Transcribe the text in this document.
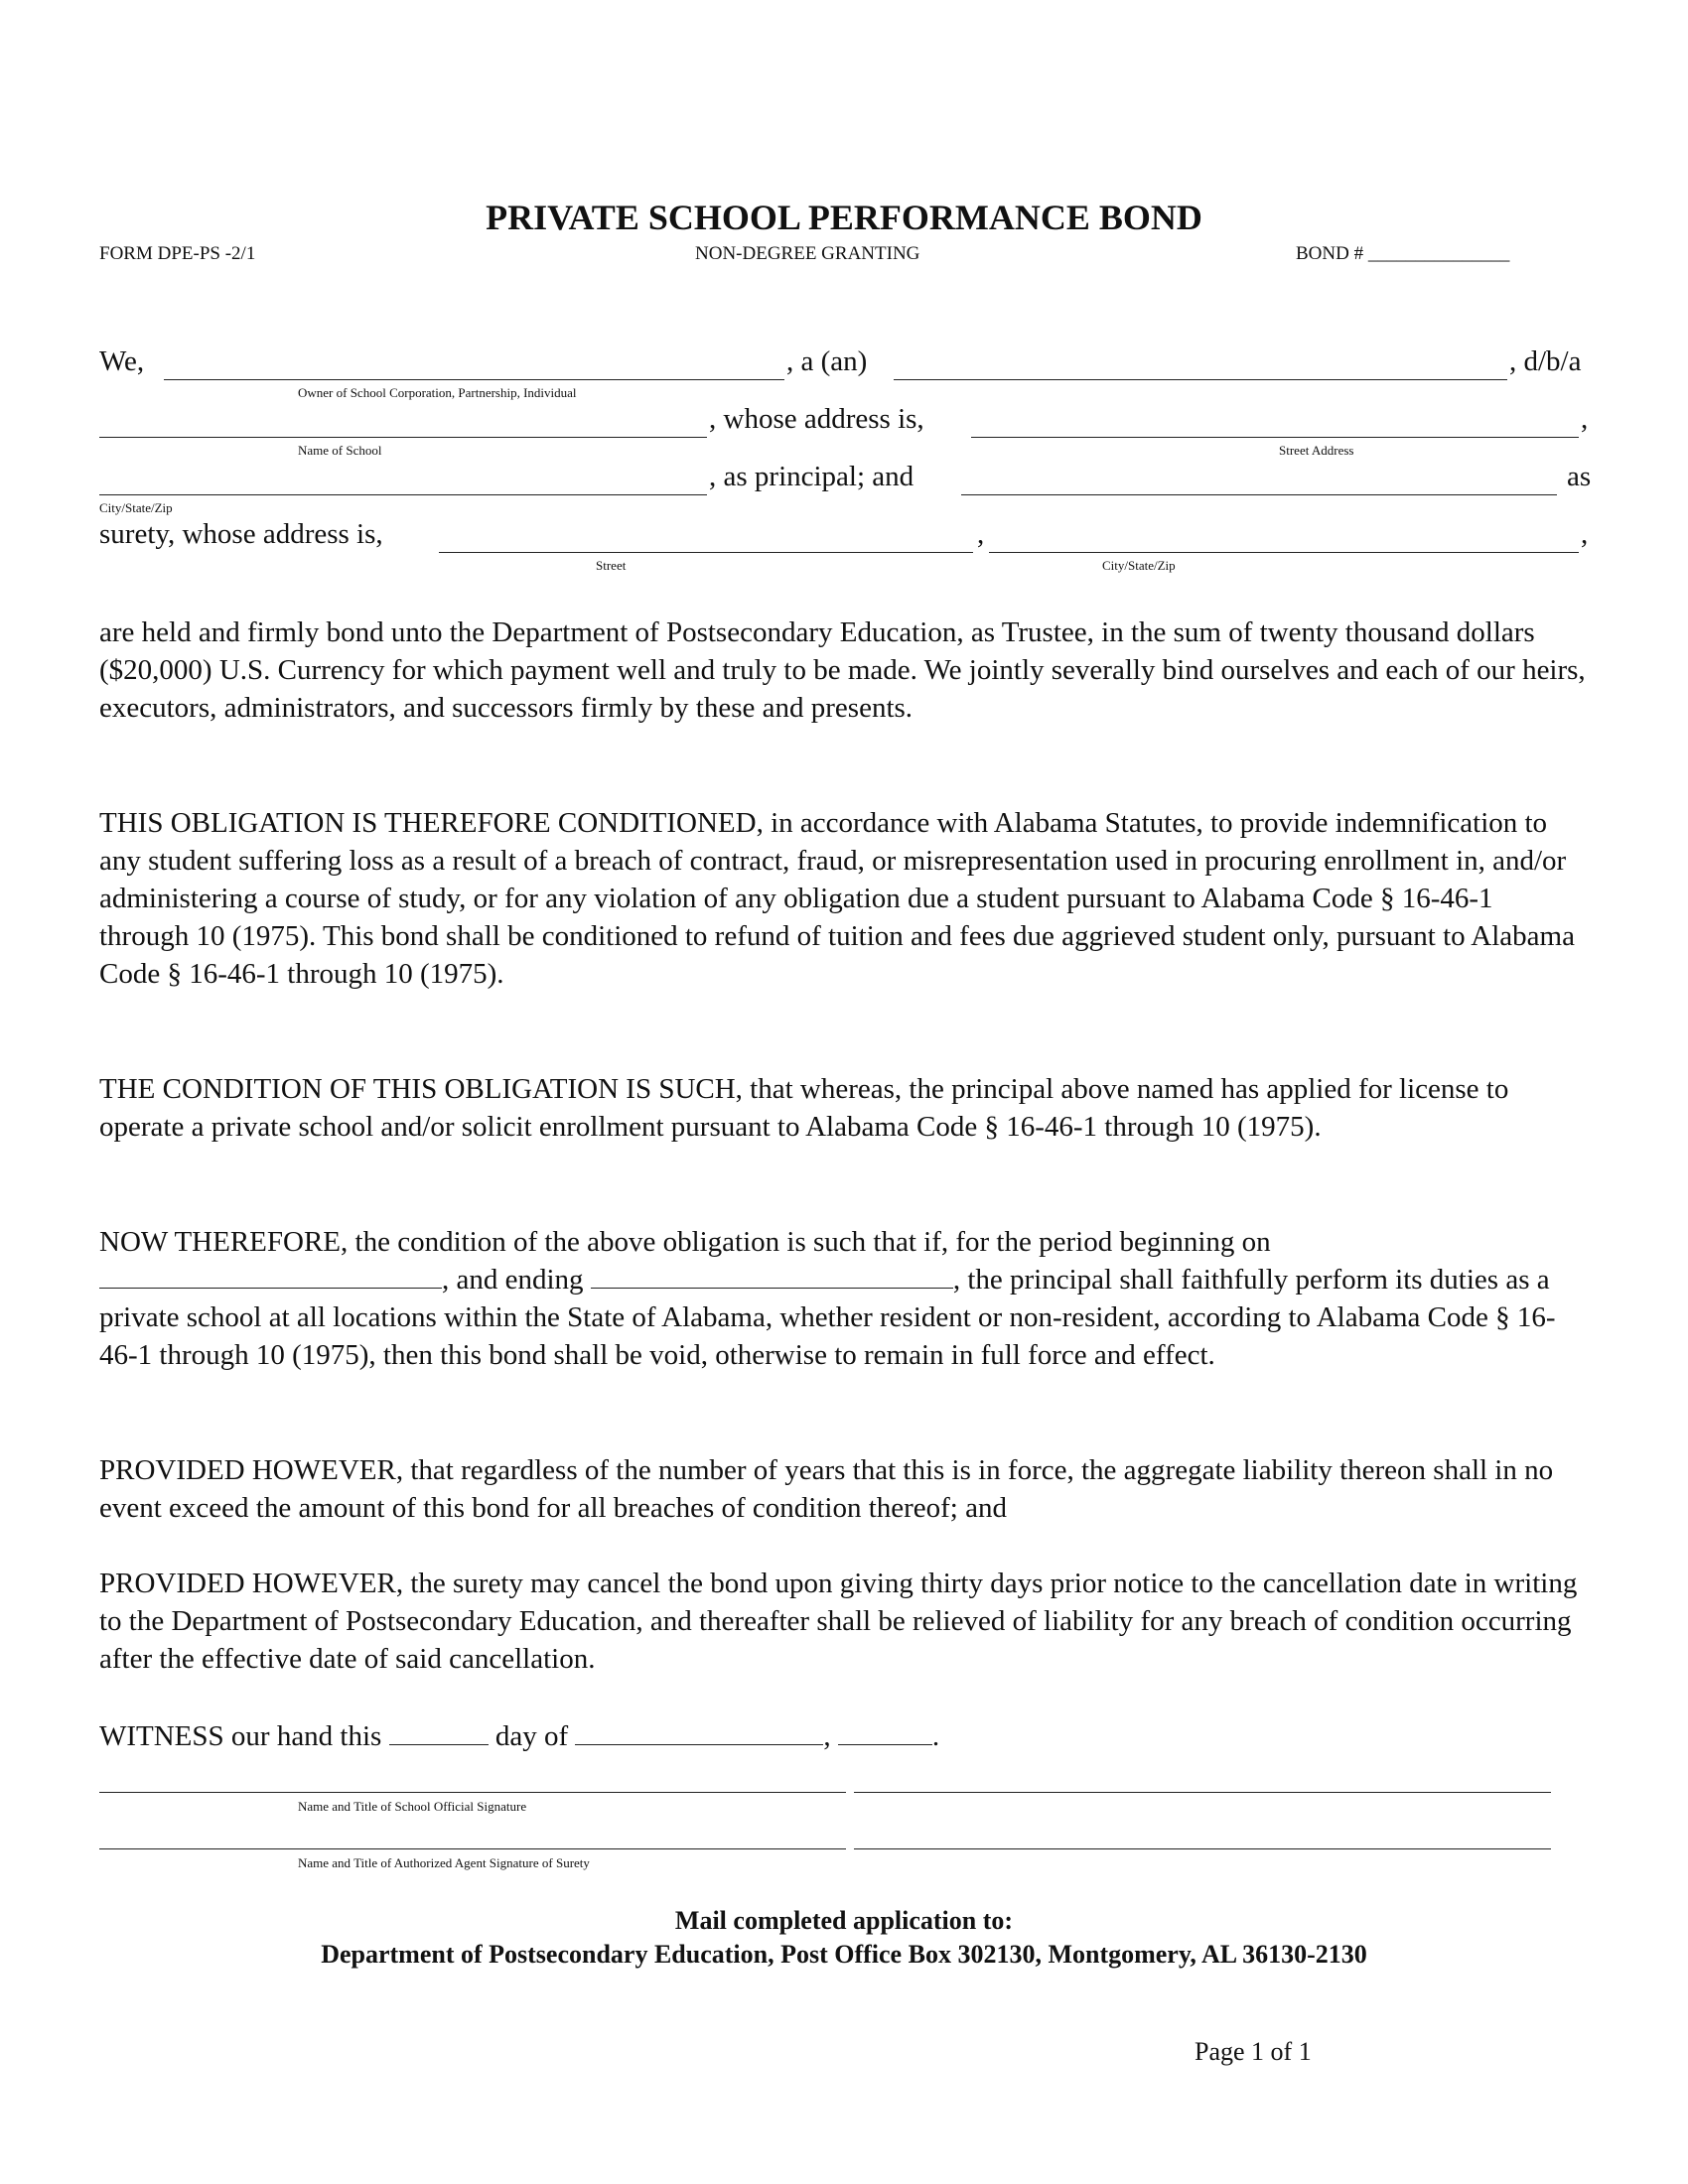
PRIVATE SCHOOL PERFORMANCE BOND
FORM DPE-PS -2/1	NON-DEGREE GRANTING	BOND # _______________
We,	, a (an)	, d/b/a
Owner of School Corporation, Partnership, Individual
, whose address is,	,
Name of School	Street Address
, as principal; and	as
City/State/Zip
surety, whose address is,	,	,
Street	City/State/Zip
are held and firmly bond unto the Department of Postsecondary Education, as Trustee, in the sum of twenty thousand dollars ($20,000) U.S. Currency for which payment well and truly to be made. We jointly severally bind ourselves and each of our heirs, executors, administrators, and successors firmly by these and presents.
THIS OBLIGATION IS THEREFORE CONDITIONED, in accordance with Alabama Statutes, to provide indemnification to any student suffering loss as a result of a breach of contract, fraud, or misrepresentation used in procuring enrollment in, and/or administering a course of study, or for any violation of any obligation due a student pursuant to Alabama Code § 16-46-1 through 10 (1975). This bond shall be conditioned to refund of tuition and fees due aggrieved student only, pursuant to Alabama Code § 16-46-1 through 10 (1975).
THE CONDITION OF THIS OBLIGATION IS SUCH, that whereas, the principal above named has applied for license to operate a private school and/or solicit enrollment pursuant to Alabama Code § 16-46-1 through 10 (1975).
NOW THEREFORE, the condition of the above obligation is such that if, for the period beginning on
, and ending	, the principal shall faithfully perform its duties as a private school at all locations within the State of Alabama, whether resident or non-resident, according to Alabama Code § 16-46-1 through 10 (1975), then this bond shall be void, otherwise to remain in full force and effect.
PROVIDED HOWEVER, that regardless of the number of years that this is in force, the aggregate liability thereon shall in no event exceed the amount of this bond for all breaches of condition thereof; and
PROVIDED HOWEVER, the surety may cancel the bond upon giving thirty days prior notice to the cancellation date in writing to the Department of Postsecondary Education, and thereafter shall be relieved of liability for any breach of condition occurring after the effective date of said cancellation.
WITNESS our hand this	day of	,	.
Name and Title of School Official Signature
Name and Title of Authorized Agent Signature of Surety
Mail completed application to:
Department of Postsecondary Education, Post Office Box 302130, Montgomery, AL 36130-2130
Page 1 of 1
